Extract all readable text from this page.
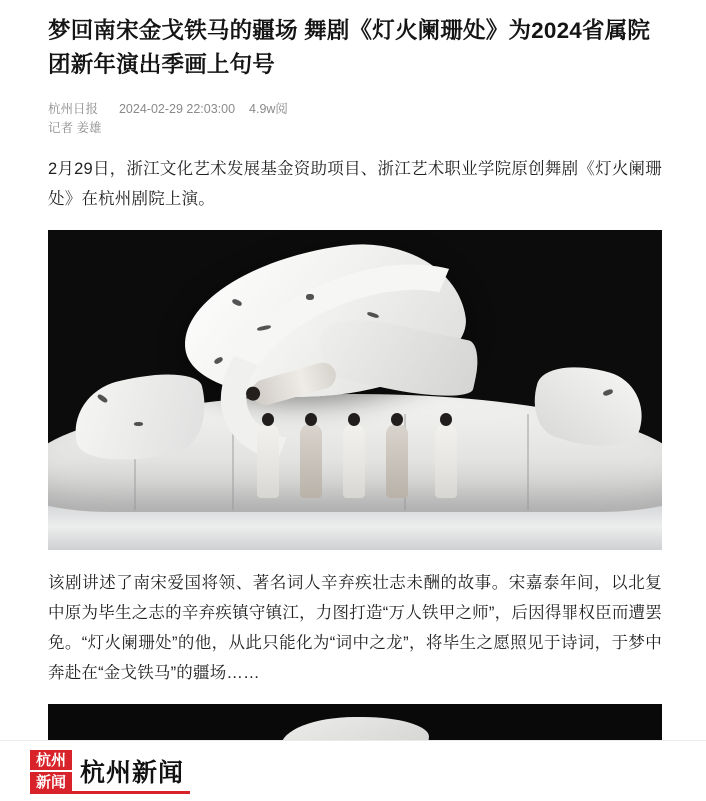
梦回南宋金戈铁马的疆场 舞剧《灯火阑珊处》为2024省属院团新年演出季画上句号
杭州日报 2024-02-29 22:03:00 4.9w阅
记者 姜雄

2月29日，浙江文化艺术发展基金资助项目、浙江艺术职业学院原创舞剧《灯火阑珊处》在杭州剧院上演。

该剧讲述了南宋爱国将领、著名词人辛弃疾壮志未酬的故事。宋嘉泰年间，以北复中原为毕生之志的辛弃疾镇守镇江，力图打造“万人铁甲之师”，后因得罪权臣而遭罢免。“灯火阑珊处”的他，从此只能化为“词中之龙”，将毕生之愿照见于诗词，于梦中奔赴在“金戈铁马”的疆场……

杭州
新闻 杭州新闻
